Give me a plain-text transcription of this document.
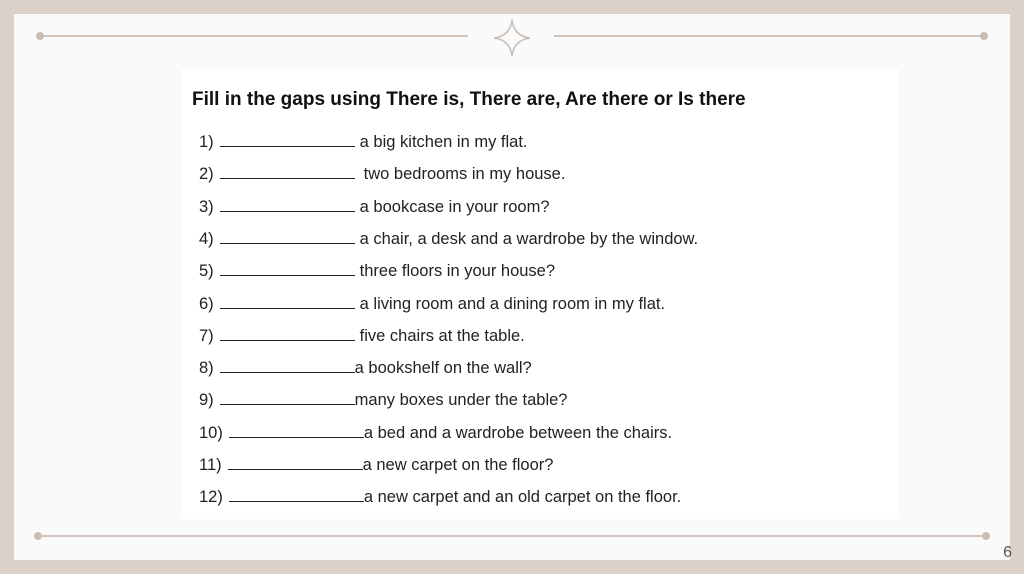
Fill in the gaps using There is, There are, Are there or Is there
1)	a big kitchen in my flat.
2)	two bedrooms in my house.
3)	a bookcase in your room?
4)	a chair, a desk and a wardrobe by the window.
5)	three floors in your house?
6)	a living room and a dining room in my flat.
7)	five chairs at the table.
8)	a bookshelf on the wall?
9)	many boxes under the table?
10)	a bed and a wardrobe between the chairs.
11)	a new carpet on the floor?
12)	a new carpet and an old carpet on the floor.
6
